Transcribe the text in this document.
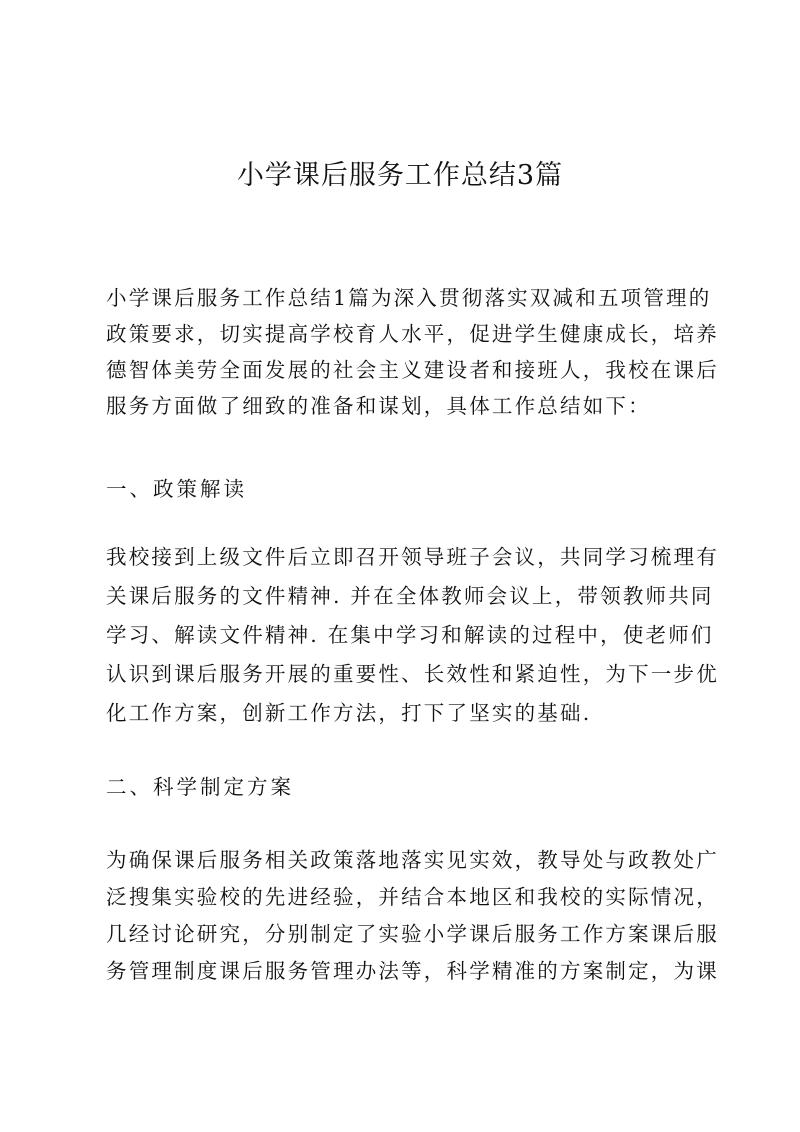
小学课后服务工作总结3篇
小学课后服务工作总结1篇为深入贯彻落实双减和五项管理的
政策要求，切实提高学校育人水平，促进学生健康成长，培养
德智体美劳全面发展的社会主义建设者和接班人，我校在课后
服务方面做了细致的准备和谋划，具体工作总结如下：
一、政策解读
我校接到上级文件后立即召开领导班子会议，共同学习梳理有
关课后服务的文件精神. 并在全体教师会议上，带领教师共同
学习、解读文件精神. 在集中学习和解读的过程中，使老师们
认识到课后服务开展的重要性、长效性和紧迫性，为下一步优
化工作方案，创新工作方法，打下了坚实的基础.
二、科学制定方案
为确保课后服务相关政策落地落实见实效，教导处与政教处广
泛搜集实验校的先进经验，并结合本地区和我校的实际情况，
几经讨论研究，分别制定了实验小学课后服务工作方案课后服
务管理制度课后服务管理办法等，科学精准的方案制定，为课
